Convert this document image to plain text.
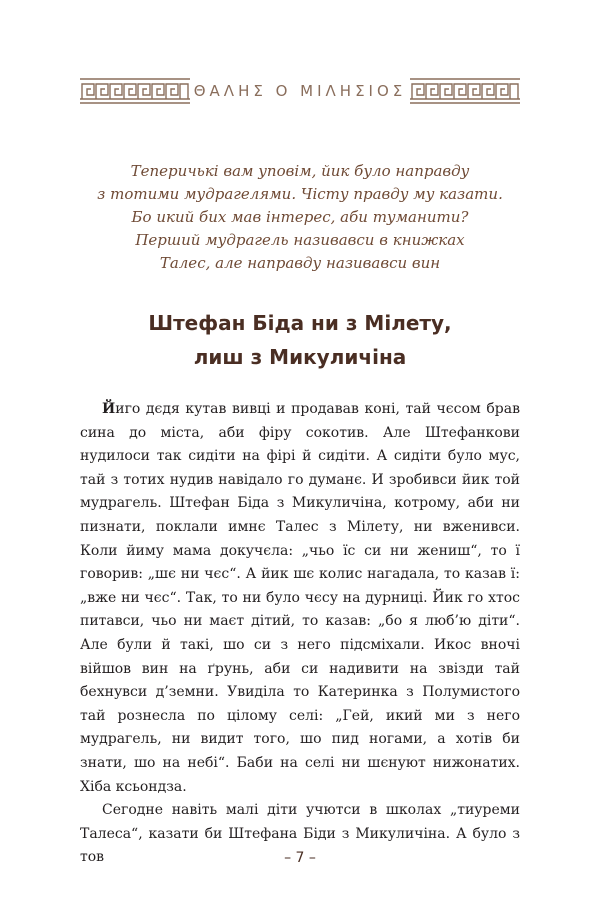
ΘΑΛΗΣ Ο ΜΙΛΗΣΙΟΣ
Теперичькі вам уповім, йик було направду
з тотими мудрагелями. Чісту правду му казати.
Бо икий бих мав інтерес, аби туманити?
Перший мудрагель називавси в книжках
Талес, але направду називавси вин
Штефан Біда ни з Мілету,
лиш з Микуличіна

Йиго дєдя кутав вивці и продавав коні, тай чєсом брав сина до міста, аби фіру сокотив. Але Штефанкови нудилоси так сидіти на фірі й сидіти. А сидіти було мус, тай з тотих нудив навідало го думанє. И зробивси йик той мудрагель. Штефан Біда з Микуличіна, котрому, аби ни пизнати, поклали имнє Талес з Мілету, ни вженивси. Коли йиму мама докучєла: „чьо їс си ни жениш“, то ї говорив: „шє ни чєс“. А йик шє колис нагадала, то казав ї: „вже ни чєс“. Так, то ни було чєсу на дурниці. Йик го хтос питавси, чьо ни маєт дітий, то казав: „бо я люб’ю діти“. Але були й такі, шо си з него підсміхали. Икос вночі війшов вин на ґрунь, аби си надивити на звізди тай бехнувси д’земни. Увиділа то Катеринка з Полумистого тай рознесла по цілому селі: „Гей, икий ми з него мудрагель, ни видит того, шо пид ногами, а хотів би знати, шо на небі“. Баби на селі ни шєнуют нижонатих. Хіба ксьондза.

Сегодне навіть малі діти учютси в школах „тиуреми Талеса“, казати би Штефана Біди з Микуличіна. А було з тов	– 7 –
